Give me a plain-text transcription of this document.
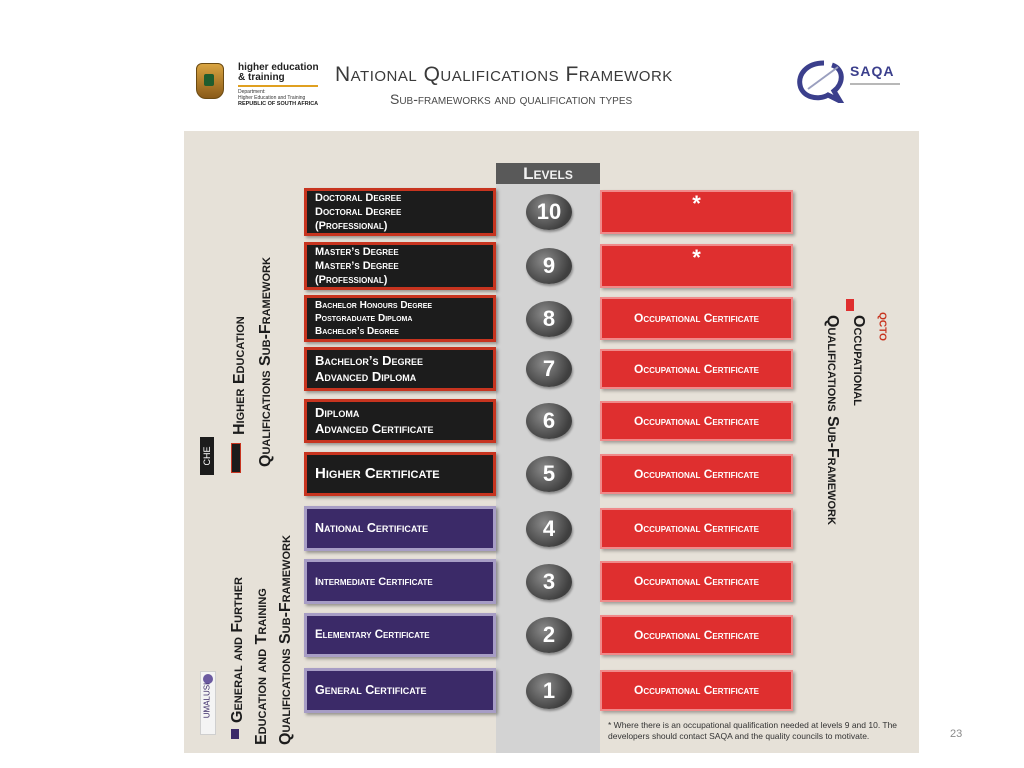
higher education
& training
Department:
Higher Education and Training
REPUBLIC OF SOUTH AFRICA
National Qualifications Framework
Sub-frameworks and qualification types
SAQA
Levels
Doctoral Degree
Doctoral Degree
(Professional)
10	*
Master’s Degree
Master’s Degree
(Professional)
9	*
Bachelor Honours Degree
Postgraduate Diploma
Bachelor’s Degree
8	Occupational Certificate
Bachelor’s Degree
Advanced Diploma	7	Occupational Certificate
Diploma
Advanced Certificate	6	Occupational Certificate
Higher Certificate	5	Occupational Certificate
National Certificate	4	Occupational Certificate
Intermediate Certificate	3	Occupational Certificate
Elementary Certificate	2	Occupational Certificate
General Certificate	1	Occupational Certificate
CHE
Higher Education Qualifications Sub-Framework
UMALUSI General and Further Education and Training Qualifications Sub-Framework
QCTO
Occupational
Qualifications Sub-Framework
* Where there is an occupational qualification needed at levels 9 and 10. The developers should contact SAQA and the quality councils to motivate.	23
